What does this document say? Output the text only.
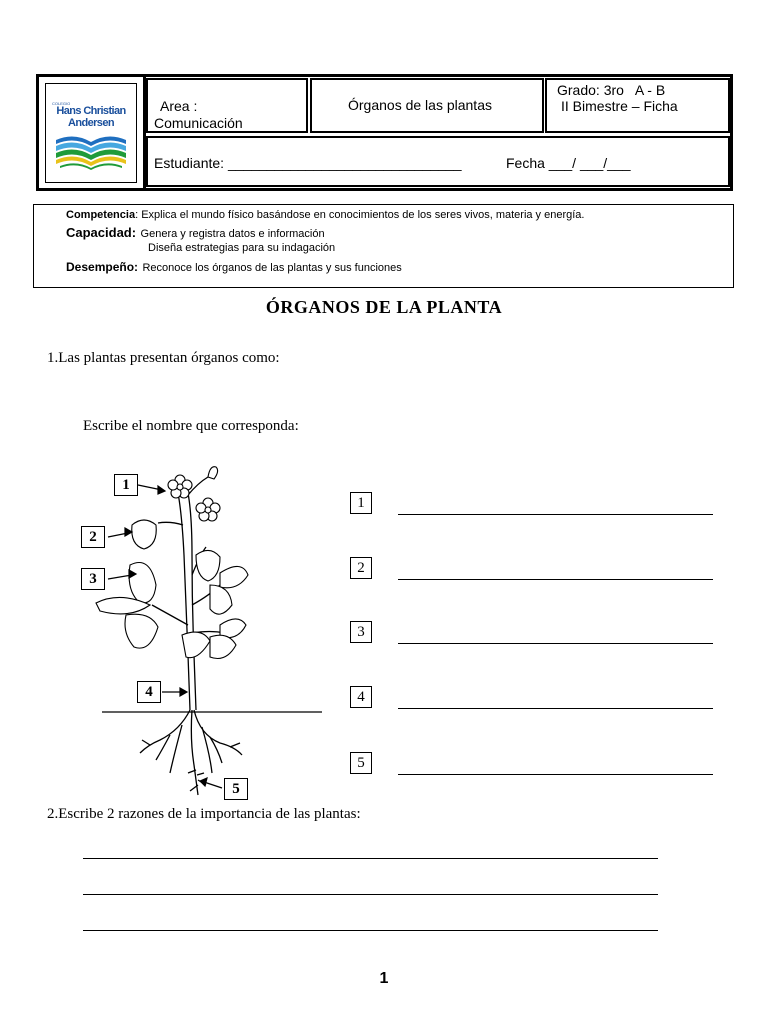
COLEGIO
Hans Christian
Andersen
Area :
Comunicación
Órganos de las plantas
Grado: 3ro   A - B
II Bimestre – Ficha
Estudiante: ______________________________	Fecha ___/ ___/___
Competencia: Explica el mundo físico basándose en conocimientos de los seres vivos, materia y energía.
Capacidad: Genera y registra datos e información
Diseña estrategias para su indagación
Desempeño: Reconoce los órganos de las plantas y sus funciones
ÓRGANOS DE LA PLANTA
1.Las plantas presentan órganos como:
Escribe el nombre que corresponda:
1
2
3
4
5
1
2
3
4
5
2.Escribe 2 razones de la importancia de las plantas:
1
